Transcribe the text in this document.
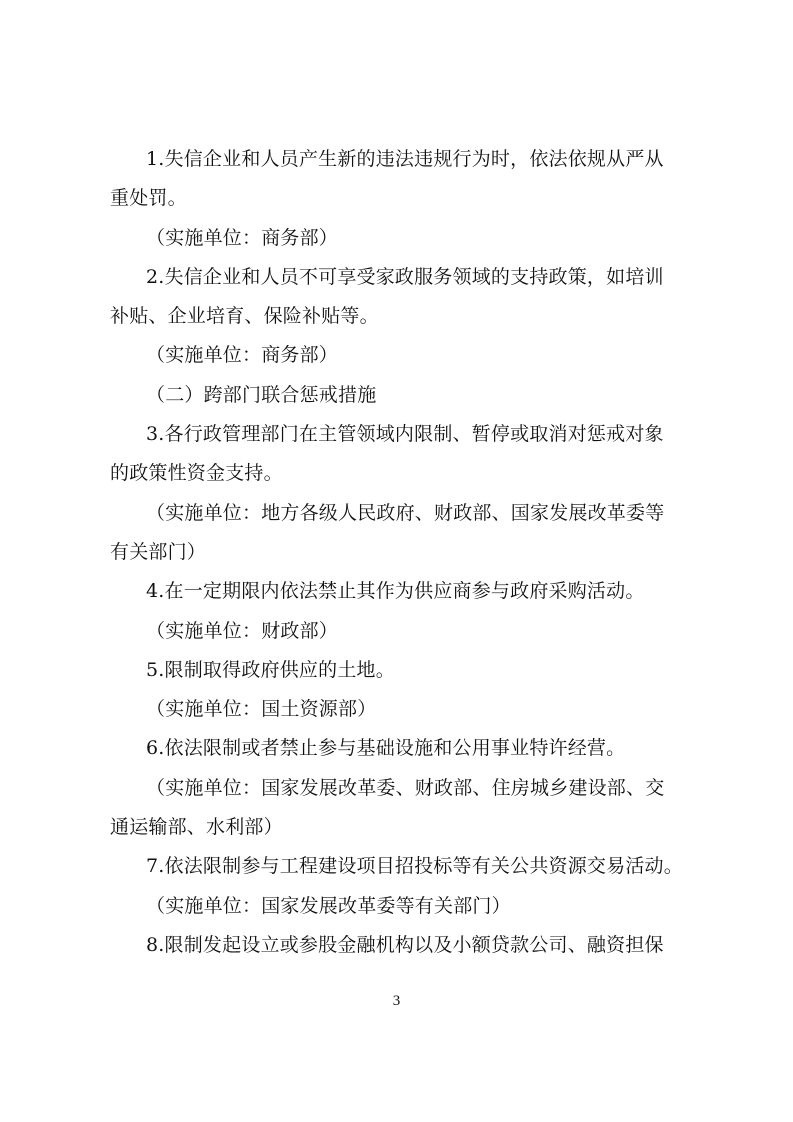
1.失信企业和人员产生新的违法违规行为时，依法依规从严从
重处罚。
（实施单位：商务部）
2.失信企业和人员不可享受家政服务领域的支持政策，如培训
补贴、企业培育、保险补贴等。
（实施单位：商务部）
（二）跨部门联合惩戒措施
3.各行政管理部门在主管领域内限制、暂停或取消对惩戒对象
的政策性资金支持。
（实施单位：地方各级人民政府、财政部、国家发展改革委等
有关部门）
4.在一定期限内依法禁止其作为供应商参与政府采购活动。
（实施单位：财政部）
5.限制取得政府供应的土地。
（实施单位：国土资源部）
6.依法限制或者禁止参与基础设施和公用事业特许经营。
（实施单位：国家发展改革委、财政部、住房城乡建设部、交
通运输部、水利部）
7.依法限制参与工程建设项目招投标等有关公共资源交易活动。
（实施单位：国家发展改革委等有关部门）
8.限制发起设立或参股金融机构以及小额贷款公司、融资担保
3
